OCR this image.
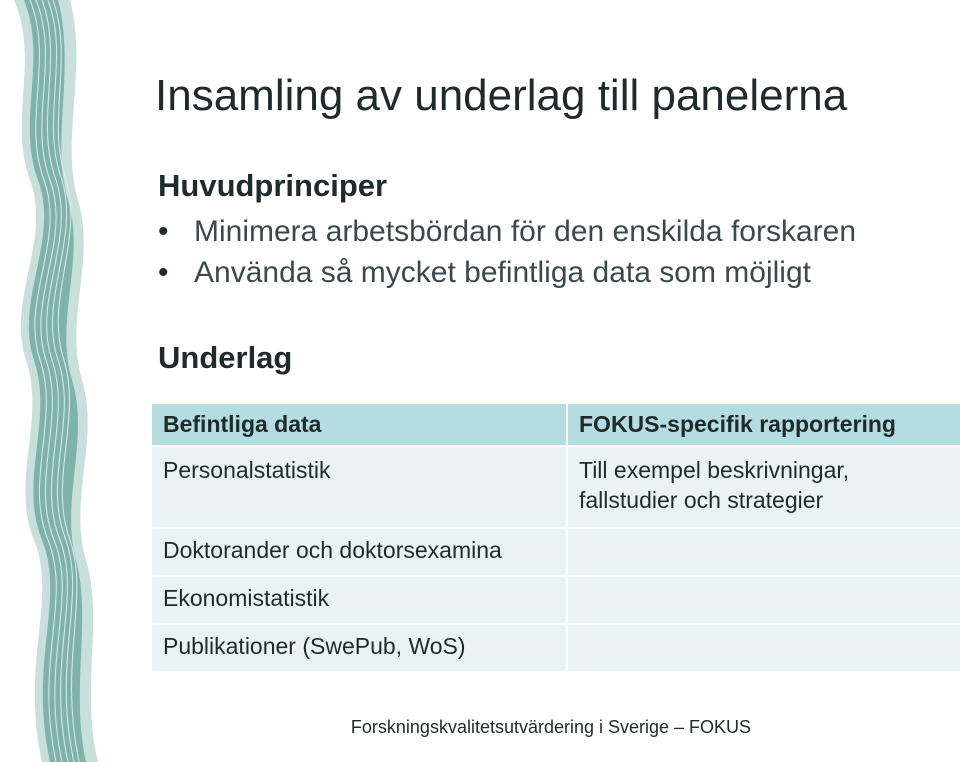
Insamling av underlag till panelerna
Huvudprinciper
• Minimera arbetsbördan för den enskilda forskaren
• Använda så mycket befintliga data som möjligt
Underlag
Befintliga data	FOKUS-specifik rapportering
Personalstatistik	Till exempel beskrivningar, fallstudier och strategier
Doktorander och doktorsexamina	
Ekonomistatistik	
Publikationer (SwePub, WoS)	
Forskningskvalitetsutvärdering i Sverige – FOKUS
